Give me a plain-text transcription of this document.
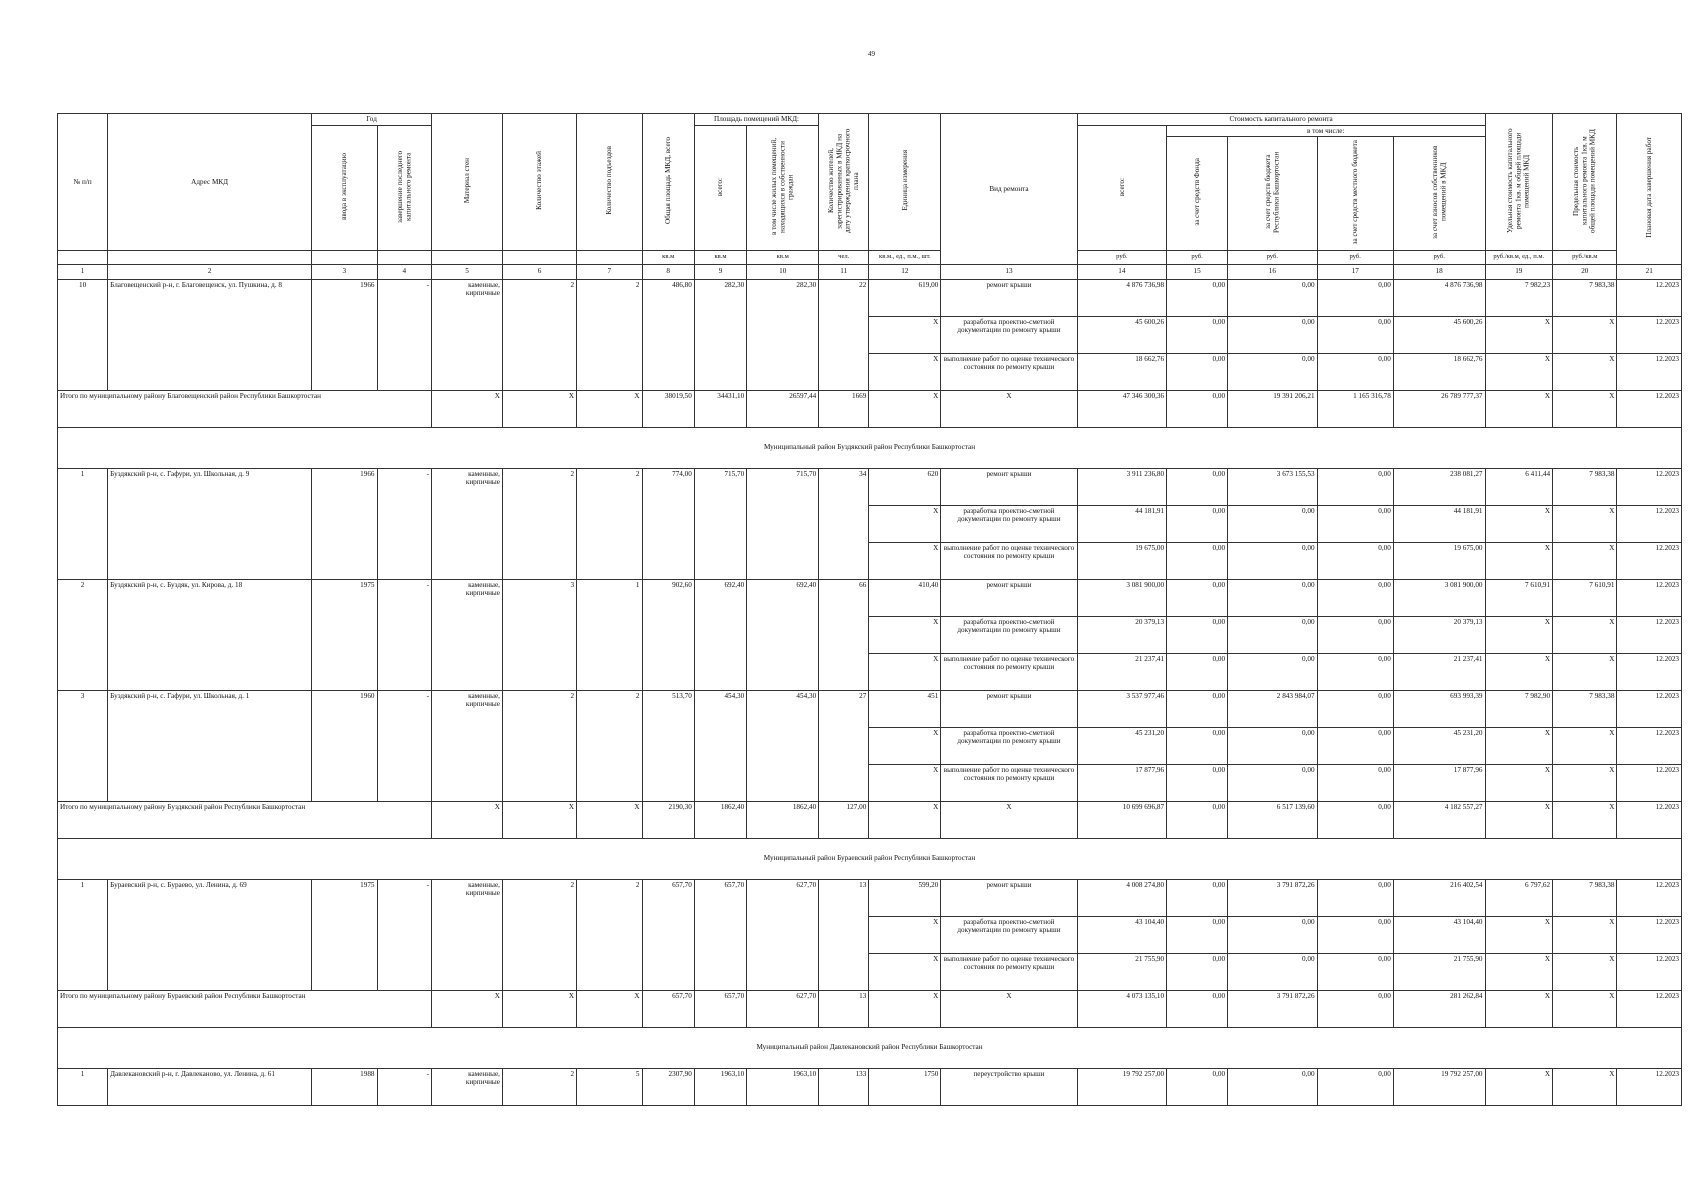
49
№ п/п	Адрес МКД	Год		Материал стен	Количество этажей	Количество подъездов	Общая площадь МКД, всего	Площадь помещений МКД:		Количество жителей, зарегистрированных в МКД на дату утверждения краткосрочного плана	Единица измерения	Вид ремонта	Стоимость капитального ремонта					Удельная стоимость капитального ремонта 1кв. м общей площади помещений МКД	Предельная стоимость капитального ремонта 1кв. м общей площади помещений МКД	Плановая дата завершения работ
		ввода в эксплуатацию	завершение последнего капитального ремонта					всего:	в том числе жилых помещений, находящихся в собственности граждан				всего:	в том числе:						
														за счет средств Фонда	за счет средств бюджета Республики Башкортостан	за счет средств местного бюджета	за счет взносов собственников помещений в МКД			
							кв.м	кв.м	кв.м	чел.	кв.м., ед., п.м., шт.		руб.	руб.	руб.	руб.	руб.	руб./кв.м, ед., п.м.	руб./кв.м	
1	2	3	4	5	6	7	8	9	10	11	12	13	14	15	16	17	18	19	20	21
10	Благовещенский р-н, г. Благовещенск, ул. Пушкина, д. 8	1966	-	каменные, кирпичные	2	2	486,80	282,30	282,30	22	619,00	ремонт крыши	4 876 736,98	0,00	0,00	0,00	4 876 736,98	7 982,23	7 983,38	12.2023
											X	разработка проектно-сметной документации по ремонту крыши	45 600,26	0,00	0,00	0,00	45 600,26	X	X	12.2023
											X	выполнение работ по оценке технического состояния по ремонту крыши	18 662,76	0,00	0,00	0,00	18 662,76	X	X	12.2023
Итого по муниципальному району Благовещенский район Республики Башкортостан				X	X	X	38019,50	34431,10	26597,44	1669	X	X	47 346 300,36	0,00	19 391 206,21	1 165 316,78	26 789 777,37	X	X	12.2023
Муниципальный район Буздякский район Республики Башкортостан																				
1	Буздякский р-н, с. Гафури, ул. Школьная, д. 9	1966	-	каменные, кирпичные	2	2	774,00	715,70	715,70	34	620	ремонт крыши	3 911 236,80	0,00	3 673 155,53	0,00	238 081,27	6 411,44	7 983,38	12.2023
											X	разработка проектно-сметной документации по ремонту крыши	44 181,91	0,00	0,00	0,00	44 181,91	X	X	12.2023
											X	выполнение работ по оценке технического состояния по ремонту крыши	19 675,00	0,00	0,00	0,00	19 675,00	X	X	12.2023
2	Буздякский р-н, с. Буздяк, ул. Кирова, д. 18	1975	-	каменные, кирпичные	3	1	902,60	692,40	692,40	66	410,40	ремонт крыши	3 081 900,00	0,00	0,00	0,00	3 081 900,00	7 610,91	7 610,91	12.2023
											X	разработка проектно-сметной документации по ремонту крыши	20 379,13	0,00	0,00	0,00	20 379,13	X	X	12.2023
											X	выполнение работ по оценке технического состояния по ремонту крыши	21 237,41	0,00	0,00	0,00	21 237,41	X	X	12.2023
3	Буздякский р-н, с. Гафури, ул. Школьная, д. 1	1960	-	каменные, кирпичные	2	2	513,70	454,30	454,30	27	451	ремонт крыши	3 537 977,46	0,00	2 843 984,07	0,00	693 993,39	7 982,90	7 983,38	12.2023
											X	разработка проектно-сметной документации по ремонту крыши	45 231,20	0,00	0,00	0,00	45 231,20	X	X	12.2023
											X	выполнение работ по оценке технического состояния по ремонту крыши	17 877,96	0,00	0,00	0,00	17 877,96	X	X	12.2023
Итого по муниципальному району Буздякский район Республики Башкортостан				X	X	X	2190,30	1862,40	1862,40	127,00	X	X	10 699 696,87	0,00	6 517 139,60	0,00	4 182 557,27	X	X	12.2023
Муниципальный район Бураевский район Республики Башкортостан																				
1	Бураевский р-н, с. Бураево, ул. Ленина, д. 69	1975	-	каменные, кирпичные	2	2	657,70	657,70	627,70	13	599,20	ремонт крыши	4 008 274,80	0,00	3 791 872,26	0,00	216 402,54	6 797,62	7 983,38	12.2023
											X	разработка проектно-сметной документации по ремонту крыши	43 104,40	0,00	0,00	0,00	43 104,40	X	X	12.2023
											X	выполнение работ по оценке технического состояния по ремонту крыши	21 755,90	0,00	0,00	0,00	21 755,90	X	X	12.2023
Итого по муниципальному району Бураевский район Республики Башкортостан				X	X	X	657,70	657,70	627,70	13	X	X	4 073 135,10	0,00	3 791 872,26	0,00	281 262,84	X	X	12.2023
Муниципальный район Давлекановский район Республики Башкортостан																				
1	Давлекановский р-н, г. Давлеканово, ул. Ленина, д. 61	1988	-	каменные, кирпичные	2	5	2307,90	1963,10	1963,10	133	1750	переустройство крыши	19 792 257,00	0,00	0,00	0,00	19 792 257,00	X	X	12.2023
